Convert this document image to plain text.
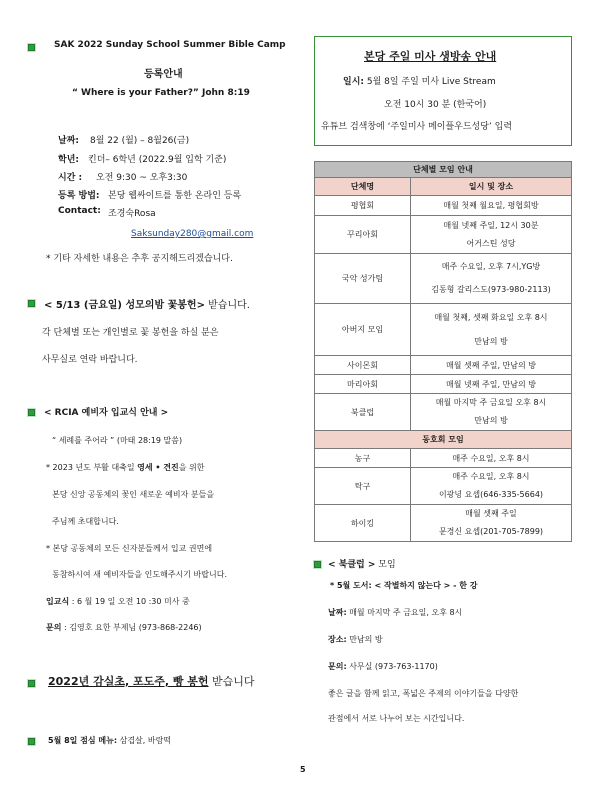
SAK 2022 Sunday School Summer Bible Camp
등록안내
“ Where is your Father?” John 8:19
날짜: 8월 22 (월) – 8월26(금)
학년: 킨더– 6학년 (2022.9월 입학 기준)
시간 : 오전 9:30 ~ 오후3:30
등록 방법: 본당 웹싸이트를 통한 온라인 등록
Contact: 조경숙Rosa
Saksunday280@gmail.com
* 기타 자세한 내용은 추후 공지해드리겠습니다.
< 5/13 (금요일) 성모의밤 꽃봉헌> 받습니다.
각 단체별 또는 개인별로 꽃 봉헌을 하실 분은
사무실로 연락 바랍니다.
< RCIA 예비자 입교식 안내 >
“ 세례를 주어라 ” (마태 28:19 말씀)
* 2023 년도 부활 대축일 영세 • 견진을 위한
본당 신앙 공동체의 꽃인 새로운 예비자 분들을
주님께 초대합니다.
* 본당 공동체의 모든 신자분들께서 입교 권면에
동참하시여 새 예비자들을 인도해주시기 바랍니다.
입교식 : 6 월 19 일 오전 10 :30 미사 중
문의 : 김영호 요한 부제님 (973-868-2246)
2022년 감실초, 포도주, 빵 봉헌 받습니다
5월 8일 점심 메뉴: 삼겹살, 바람떡
본당 주일 미사 생방송 안내
일시: 5월 8일 주일 미사 Live Stream
오전 10시 30 분 (한국어)
유튜브 검색창에 ‘주일미사 메이플우드성당’ 입력
단체별 모임 안내	
단체명	일시 및 장소
평협회	매월 첫째 월요일, 평협회방
꾸리아회	매월 넷째 주일, 12시 30분
어거스틴 성당

국악 성가팀	매주 수요일, 오후 7시,YG방
김동형 갈리스도(973-980-2113)

아버지 모임	매월 첫째, 셋째 화요일 오후 8시
만남의 방

사이몬회	매월 셋째 주일, 만남의 방
마리아회	매월 넷째 주일, 만남의 방
북클럽	매월 마지막 주 금요일 오후 8시
만남의 방

동호회 모임	
농구	매주 수요일, 오후 8시
탁구	매주 수요일, 오후 8시
이광녕 요셉(646-335-5664)

하이킹	매월 셋째 주일
문경신 요셉(201-705-7899)
< 북클럽 > 모임
* 5월 도서: < 작별하지 않는다 > - 한 강
날짜: 매월 마지막 주 금요일, 오후 8시
장소: 만남의 방
문의: 사무실 (973-763-1170)
좋은 글을 함께 읽고, 폭넓은 주제의 이야기들을 다양한
관점에서 서로 나누어 보는 시간입니다.
5
